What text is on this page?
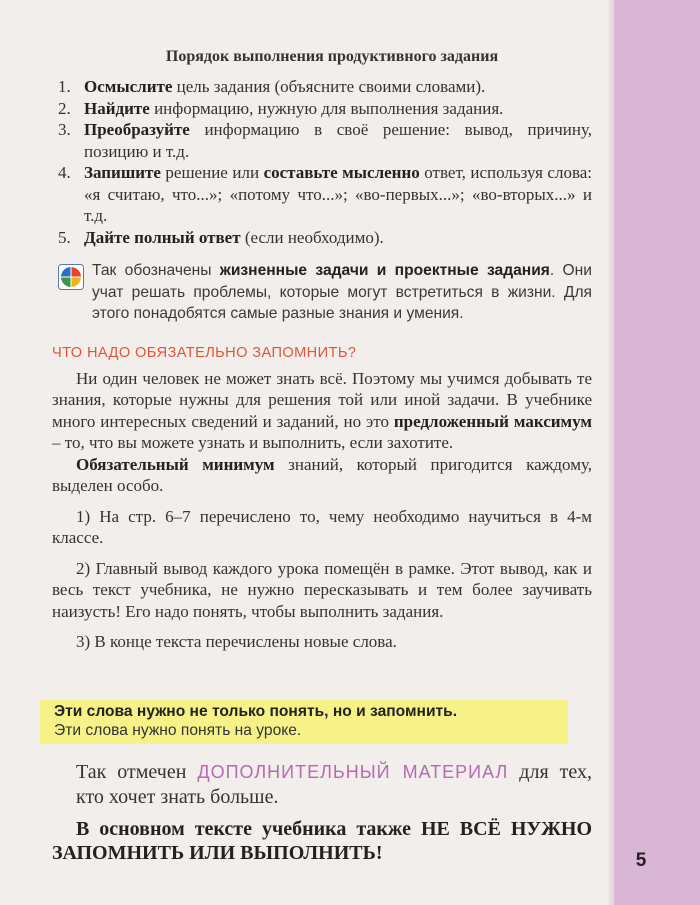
5
Порядок выполнения продуктивного задания
1. Осмыслите цель задания (объясните своими словами).
2. Найдите информацию, нужную для выполнения задания.
3. Преобразуйте информацию в своё решение: вывод, причину, позицию и т.д.
4. Запишите решение или составьте мысленно ответ, используя слова: «я считаю, что...»; «потому что...»; «во-первых...»; «во-вторых...» и т.д.
5. Дайте полный ответ (если необходимо).
Так обозначены жизненные задачи и проектные задания. Они учат решать проблемы, которые могут встретиться в жизни. Для этого понадобятся самые разные знания и умения.
ЧТО НАДО ОБЯЗАТЕЛЬНО ЗАПОМНИТЬ?

Ни один человек не может знать всё. Поэтому мы учимся добывать те знания, которые нужны для решения той или иной задачи. В учебнике много интересных сведений и заданий, но это предложенный максимум – то, что вы можете узнать и выполнить, если захотите.

Обязательный минимум знаний, который пригодится каждому, выделен особо.

1) На стр. 6–7 перечислено то, чему необходимо научиться в 4-м классе.

2) Главный вывод каждого урока помещён в рамке. Этот вывод, как и весь текст учебника, не нужно пересказывать и тем более заучивать наизусть! Его надо понять, чтобы выполнить задания.

3) В конце текста перечислены новые слова.

Эти слова нужно не только понять, но и запомнить.
Эти слова нужно понять на уроке.
Так отмечен ДОПОЛНИТЕЛЬНЫЙ МАТЕРИАЛ для тех, кто хочет знать больше.
В основном тексте учебника также НЕ ВСЁ НУЖНО ЗАПОМНИТЬ ИЛИ ВЫПОЛНИТЬ!
